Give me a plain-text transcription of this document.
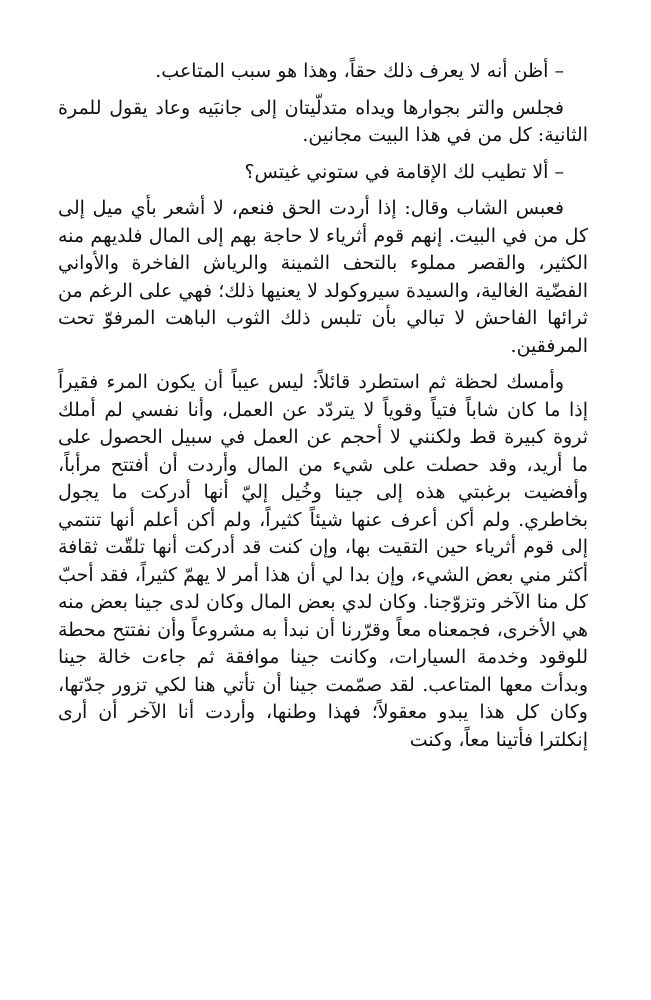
– أظن أنه لا يعرف ذلك حقاً، وهذا هو سبب المتاعب.

فجلس والتر بجوارها ويداه متدلّيتان إلى جانبَيه وعاد يقول للمرة الثانية: كل من في هذا البيت مجانين.

– ألا تطيب لك الإقامة في ستوني غيتس؟

فعبس الشاب وقال: إذا أردت الحق فنعم، لا أشعر بأي ميل إلى كل من في البيت. إنهم قوم أثرياء لا حاجة بهم إلى المال فلديهم منه الكثير، والقصر مملوء بالتحف الثمينة والرياش الفاخرة والأواني الفضّية الغالية، والسيدة سيروكولد لا يعنيها ذلك؛ فهي على الرغم من ثرائها الفاحش لا تبالي بأن تلبس ذلك الثوب الباهت المرفوّ تحت المرفقين.

وأمسك لحظة ثم استطرد قائلاً: ليس عيباً أن يكون المرء فقيراً إذا ما كان شاباً فتياً وقوياً لا يتردّد عن العمل، وأنا نفسي لم أملك ثروة كبيرة قط ولكنني لا أحجم عن العمل في سبيل الحصول على ما أريد، وقد حصلت على شيء من المال وأردت أن أفتتح مرأباً، وأفضيت برغبتي هذه إلى جينا وخُيل إليّ أنها أدركت ما يجول بخاطري. ولم أكن أعرف عنها شيئاً كثيراً، ولم أكن أعلم أنها تنتمي إلى قوم أثرياء حين التقيت بها، وإن كنت قد أدركت أنها تلقّت ثقافة أكثر مني بعض الشيء، وإن بدا لي أن هذا أمر لا يهمّ كثيراً، فقد أحبّ كل منا الآخر وتزوّجنا. وكان لدي بعض المال وكان لدى جينا بعض منه هي الأخرى، فجمعناه معاً وقرّرنا أن نبدأ به مشروعاً وأن نفتتح محطة للوقود وخدمة السيارات، وكانت جينا موافقة ثم جاءت خالة جينا وبدأت معها المتاعب. لقد صمّمت جينا أن تأتي هنا لكي تزور جدّتها، وكان كل هذا يبدو معقولاً؛ فهذا وطنها، وأردت أنا الآخر أن أرى إنكلترا فأتينا معاً، وكنت
